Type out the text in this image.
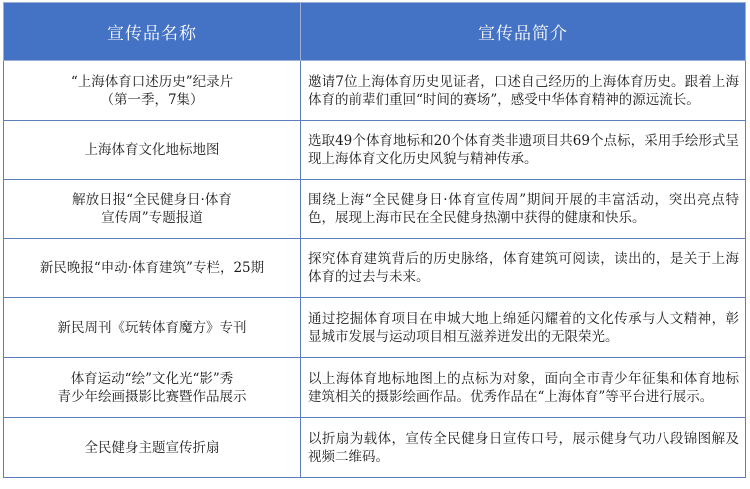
宣传品名称	宣传品简介

“上海体育口述历史”纪录片
（第一季，7集）	邀请7位上海体育历史见证者，口述自己经历的上海体育历史。跟着上海体育的前辈们重回“时间的赛场”，感受中华体育精神的源远流长。

上海体育文化地标地图	选取49个体育地标和20个体育类非遗项目共69个点标，采用手绘形式呈现上海体育文化历史风貌与精神传承。

解放日报“全民健身日·体育
宣传周”专题报道	围绕上海“全民健身日·体育宣传周”期间开展的丰富活动，突出亮点特色，展现上海市民在全民健身热潮中获得的健康和快乐。

新民晚报“申动·体育建筑”专栏，25期	探究体育建筑背后的历史脉络，体育建筑可阅读，读出的，是关于上海体育的过去与未来。

新民周刊《玩转体育魔方》专刊	通过挖掘体育项目在申城大地上绵延闪耀着的文化传承与人文精神，彰显城市发展与运动项目相互滋养迸发出的无限荣光。

体育运动“绘”文化光“影”秀
青少年绘画摄影比赛暨作品展示	以上海体育地标地图上的点标为对象，面向全市青少年征集和体育地标建筑相关的摄影绘画作品。优秀作品在“上海体育”等平台进行展示。

全民健身主题宣传折扇	以折扇为载体，宣传全民健身日宣传口号，展示健身气功八段锦图解及视频二维码。
